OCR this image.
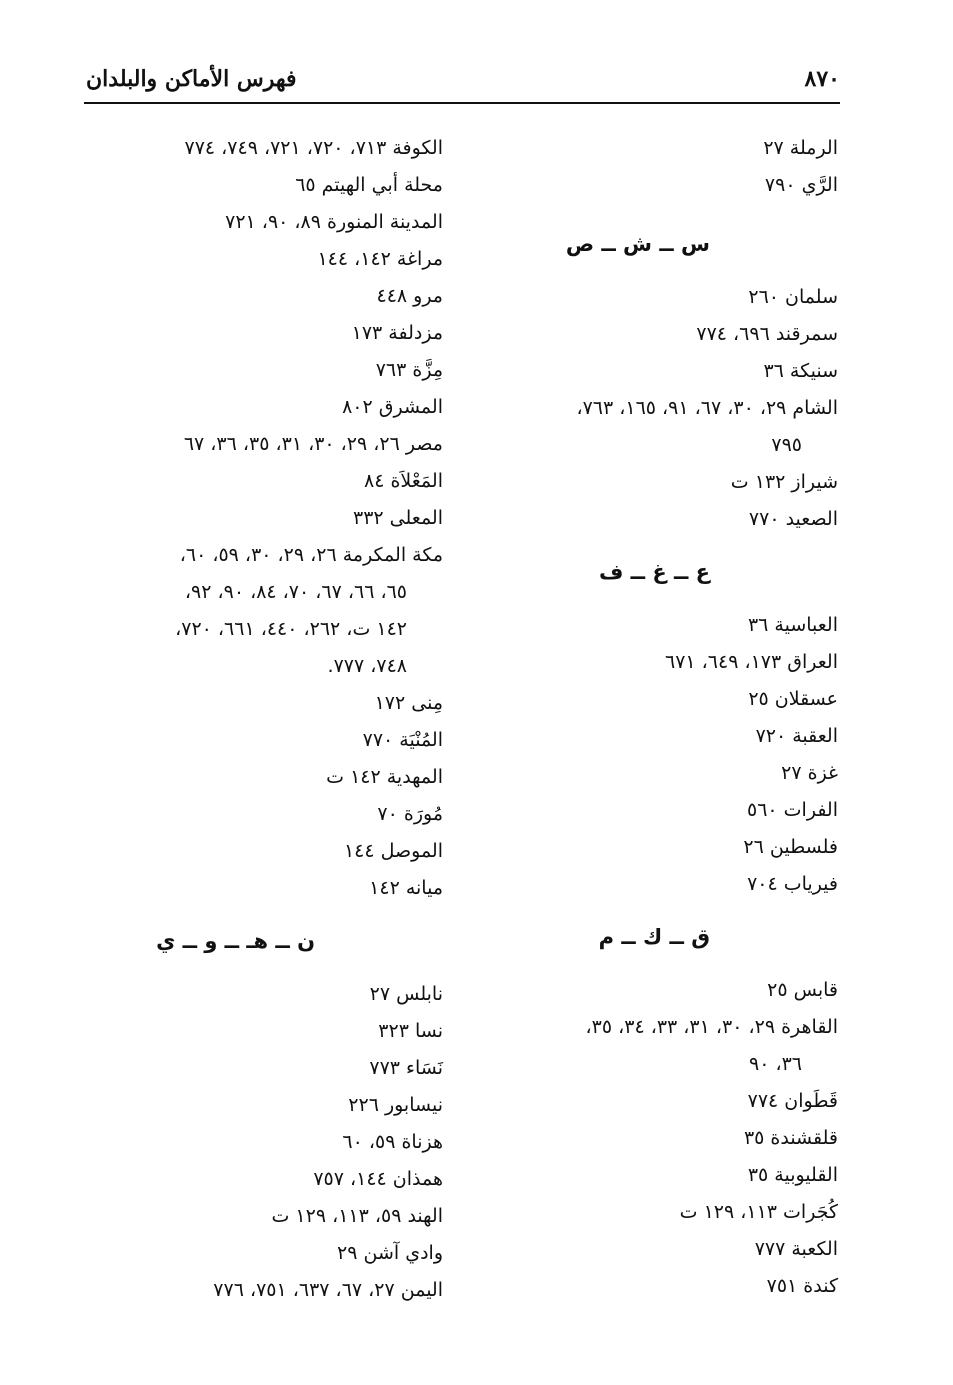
٨٧٠
فهرس الأماكن والبلدان
الرملة ٢٧
الرَّي ٧٩٠
س ــ ش ــ ص
سلمان ٢٦٠
سمرقند ٦٩٦، ٧٧٤
سنيكة ٣٦
الشام ٢٩، ٣٠، ٦٧، ٩١، ١٦٥، ٧٦٣،
٧٩٥
شيراز ١٣٢ ت
الصعيد ٧٧٠
ع ــ غ ــ ف
العباسية ٣٦
العراق ١٧٣، ٦٤٩، ٦٧١
عسقلان ٢٥
العقبة ٧٢٠
غزة ٢٧
الفرات ٥٦٠
فلسطين ٢٦
فيرياب ٧٠٤
ق ــ ك ــ م
قابس ٢٥
القاهرة ٢٩، ٣٠، ٣١، ٣٣، ٣٤، ٣٥،
٣٦، ٩٠
قَطَوان ٧٧٤
قلقشندة ٣٥
القليوبية ٣٥
كُجَرات ١١٣، ١٢٩ ت
الكعبة ٧٧٧
كندة ٧٥١
الكوفة ٧١٣، ٧٢٠، ٧٢١، ٧٤٩، ٧٧٤
محلة أبي الهيتم ٦٥
المدينة المنورة ٨٩، ٩٠، ٧٢١
مراغة ١٤٢، ١٤٤
مرو ٤٤٨
مزدلفة ١٧٣
مِزَّة ٧٦٣
المشرق ٨٠٢
مصر ٢٦، ٢٩، ٣٠، ٣١، ٣٥، ٣٦، ٦٧
المَعْلاَة ٨٤
المعلى ٣٣٢
مكة المكرمة ٢٦، ٢٩، ٣٠، ٥٩، ٦٠،
٦٥، ٦٦، ٦٧، ٧٠، ٨٤، ٩٠، ٩٢،
١٤٢ ت، ٢٦٢، ٤٤٠، ٦٦١، ٧٢٠،
٧٤٨، ٧٧٧.
مِنى ١٧٢
المُنْيَة ٧٧٠
المهدية ١٤٢ ت
مُورَة ٧٠
الموصل ١٤٤
ميانه ١٤٢
ن ــ هـ ــ و ــ ي
نابلس ٢٧
نسا ٣٢٣
نَسَاء ٧٧٣
نيسابور ٢٢٦
هزناة ٥٩، ٦٠
همذان ١٤٤، ٧٥٧
الهند ٥٩، ١١٣، ١٢٩ ت
وادي آشن ٢٩
اليمن ٢٧، ٦٧، ٦٣٧، ٧٥١، ٧٧٦
